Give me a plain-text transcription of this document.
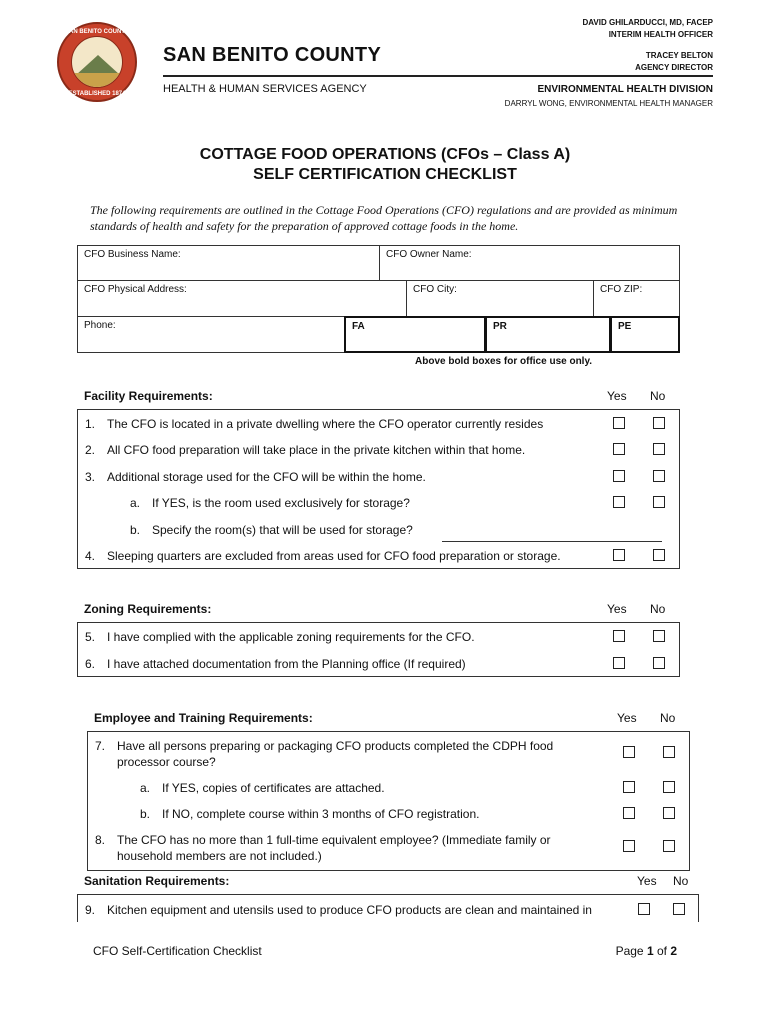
SAN BENITO COUNTY
ESTABLISHED 1874
SAN BENITO COUNTY
HEALTH & HUMAN SERVICES AGENCY
DAVID GHILARDUCCI, MD, FACEP
INTERIM HEALTH OFFICER
TRACEY BELTON
AGENCY DIRECTOR
ENVIRONMENTAL HEALTH DIVISION
DARRYL WONG, ENVIRONMENTAL HEALTH MANAGER
COTTAGE FOOD OPERATIONS (CFOs – Class A)
SELF CERTIFICATION CHECKLIST
The following requirements are outlined in the Cottage Food Operations (CFO) regulations and are provided as minimum standards of health and safety for the preparation of approved cottage foods in the home.
CFO Business Name:	CFO Owner Name:
CFO Physical Address:	CFO City:	CFO ZIP:
Phone:	FA	PR	PE
Above bold boxes for office use only.
Facility Requirements:	Yes No
1. The CFO is located in a private dwelling where the CFO operator currently resides
2. All CFO food preparation will take place in the private kitchen within that home.
3. Additional storage used for the CFO will be within the home.
a. If YES, is the room used exclusively for storage?
b. Specify the room(s) that will be used for storage?
4. Sleeping quarters are excluded from areas used for CFO food preparation or storage.
Zoning Requirements:	Yes No
5. I have complied with the applicable zoning requirements for the CFO.
6. I have attached documentation from the Planning office (If required)
Employee and Training Requirements:	Yes No
7. Have all persons preparing or packaging CFO products completed the CDPH food
processor course?
a. If YES, copies of certificates are attached.
b. If NO, complete course within 3 months of CFO registration.
8. The CFO has no more than 1 full-time equivalent employee? (Immediate family or
household members are not included.)
Sanitation Requirements:	Yes No
9. Kitchen equipment and utensils used to produce CFO products are clean and maintained in
CFO Self-Certification Checklist	Page 1 of 2
